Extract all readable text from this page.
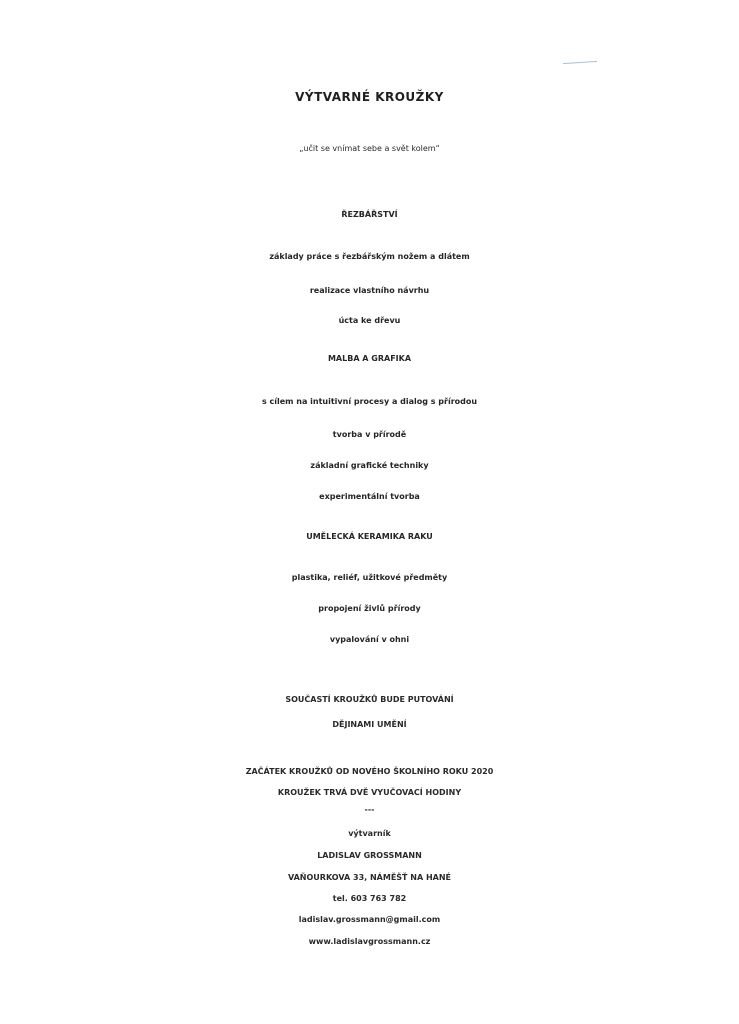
VÝTVARNÉ KROUŽKY
„učit se vnímat sebe a svět kolem“
ŘEZBÁŘSTVÍ
základy práce s řezbářským nožem a dlátem
realizace vlastního návrhu
úcta ke dřevu
MALBA A GRAFIKA
s cílem na intuitivní procesy a dialog s přírodou
tvorba v přírodě
základní grafické techniky
experimentální tvorba
UMĚLECKÁ KERAMIKA RAKU
plastika, reliéf, užitkové předměty
propojení živlů přírody
vypalování v ohni
SOUČASTÍ KROUŽKŮ BUDE PUTOVÁNÍ
DĚJINAMI UMĚNÍ
ZAČÁTEK KROUŽKŮ OD NOVÉHO ŠKOLNÍHO ROKU 2020
KROUŽEK TRVÁ DVĚ VYUČOVACÍ HODINY
---
výtvarník
LADISLAV GROSSMANN
VAŇOURKOVA 33, NÁMĚŠŤ NA HANÉ
tel. 603 763 782
ladislav.grossmann@gmail.com
www.ladislavgrossmann.cz
